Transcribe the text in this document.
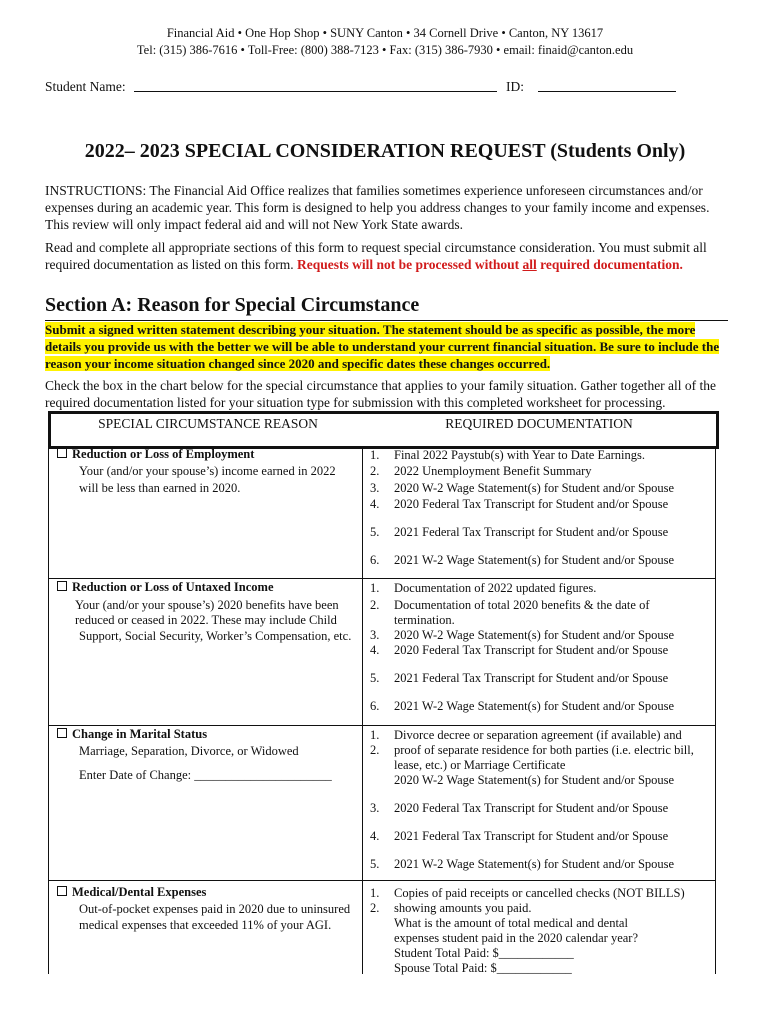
Financial Aid • One Hop Shop • SUNY Canton • 34 Cornell Drive • Canton, NY 13617
Tel: (315) 386-7616 • Toll-Free: (800) 388-7123 • Fax: (315) 386-7930 • email: finaid@canton.edu
Student Name:	ID:
2022– 2023 SPECIAL CONSIDERATION REQUEST (Students Only)
INSTRUCTIONS: The Financial Aid Office realizes that families sometimes experience unforeseen circumstances and/or expenses during an academic year. This form is designed to help you address changes to your family income and expenses. This review will only impact federal aid and will not New York State awards.
Read and complete all appropriate sections of this form to request special circumstance consideration. You must submit all required documentation as listed on this form. Requests will not be processed without all required documentation.
Section A: Reason for Special Circumstance
Submit a signed written statement describing your situation. The statement should be as specific as possible, the more details you provide us with the better we will be able to understand your current financial situation. Be sure to include the reason your income situation changed since 2020 and specific dates these changes occurred.
Check the box in the chart below for the special circumstance that applies to your family situation. Gather together all of the required documentation listed for your situation type for submission with this completed worksheet for processing.
SPECIAL CIRCUMSTANCE REASON	REQUIRED DOCUMENTATION
Reduction or Loss of Employment
Your (and/or your spouse’s) income earned in 2022
will be less than earned in 2020.
1. Final 2022 Paystub(s) with Year to Date Earnings.
2. 2022 Unemployment Benefit Summary
3. 2020 W-2 Wage Statement(s) for Student and/or Spouse
4. 2020 Federal Tax Transcript for Student and/or Spouse
5. 2021 Federal Tax Transcript for Student and/or Spouse
6. 2021 W-2 Wage Statement(s) for Student and/or Spouse
Reduction or Loss of Untaxed Income
Your (and/or your spouse’s) 2020 benefits have been
reduced or ceased in 2022. These may include Child
Support, Social Security, Worker’s Compensation, etc.
1. Documentation of 2022 updated figures.
2. Documentation of total 2020 benefits & the date of
termination.
3. 2020 W-2 Wage Statement(s) for Student and/or Spouse
4. 2020 Federal Tax Transcript for Student and/or Spouse
5. 2021 Federal Tax Transcript for Student and/or Spouse
6. 2021 W-2 Wage Statement(s) for Student and/or Spouse
Change in Marital Status
Marriage, Separation, Divorce, or Widowed
Enter Date of Change: ______________________
1. Divorce decree or separation agreement (if available) and
2. proof of separate residence for both parties (i.e. electric bill,
lease, etc.) or Marriage Certificate
2020 W-2 Wage Statement(s) for Student and/or Spouse
3. 2020 Federal Tax Transcript for Student and/or Spouse
4. 2021 Federal Tax Transcript for Student and/or Spouse
5. 2021 W-2 Wage Statement(s) for Student and/or Spouse
Medical/Dental Expenses
Out-of-pocket expenses paid in 2020 due to uninsured
medical expenses that exceeded 11% of your AGI.
1. Copies of paid receipts or cancelled checks (NOT BILLS)
2. showing amounts you paid.
What is the amount of total medical and dental
expenses student paid in the 2020 calendar year?
Student Total Paid: $____________
Spouse Total Paid: $____________
